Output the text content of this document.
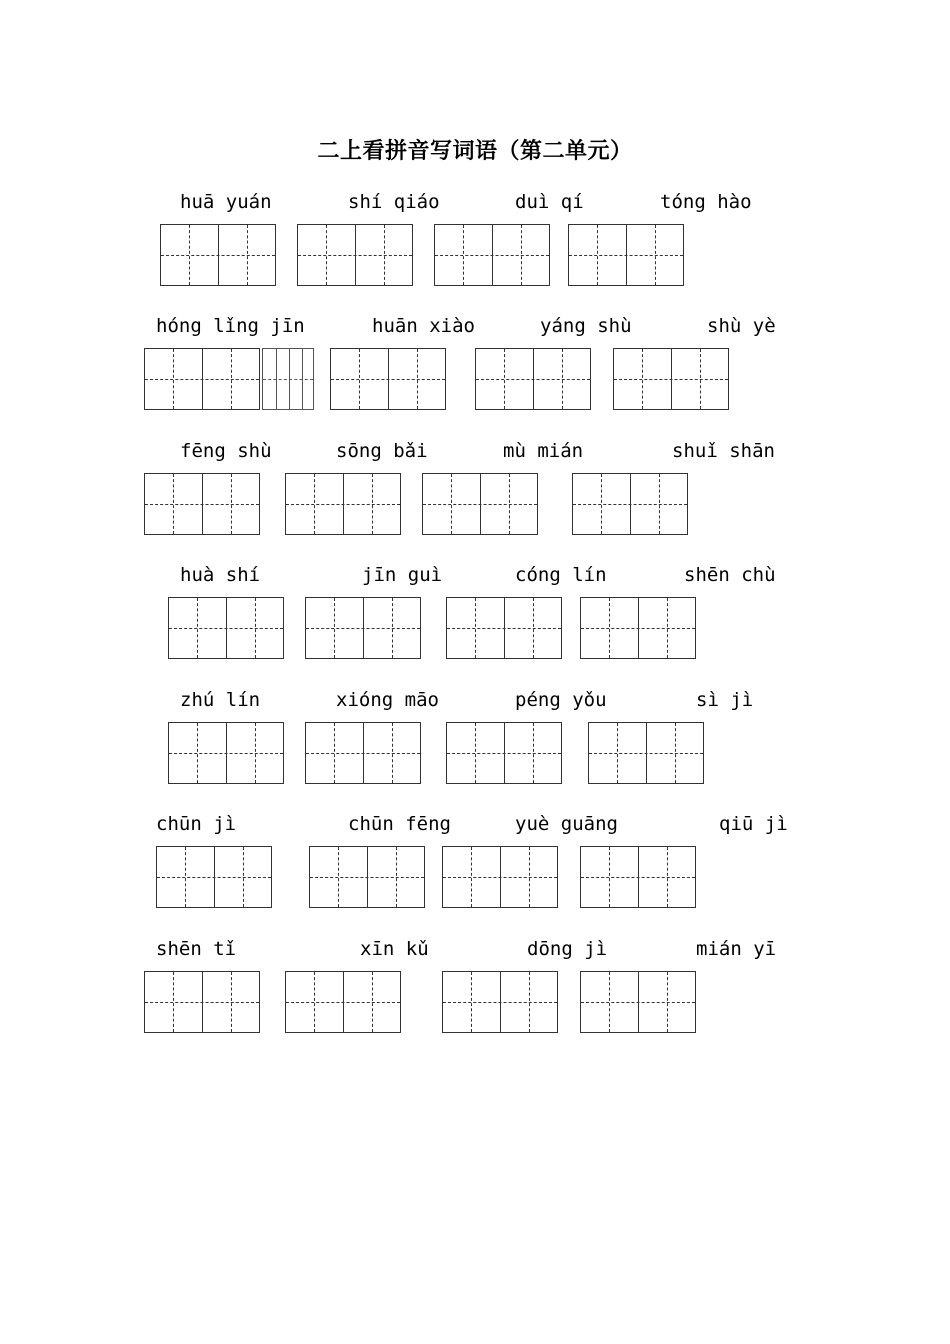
二上看拼音写词语（第二单元）
huā yuán	shí qiáo	duì qí	tóng hào
hóng lǐng jīn	huān xiào	yáng shù	shù yè
fēng shù	sōng bǎi	mù mián	shuǐ shān
huà shí	jīn guì	cóng lín	shēn chù
zhú lín	xióng māo	péng yǒu	sì jì
chūn jì	chūn fēng	yuè guāng	qiū jì
shēn tǐ	xīn kǔ	dōng jì	mián yī
